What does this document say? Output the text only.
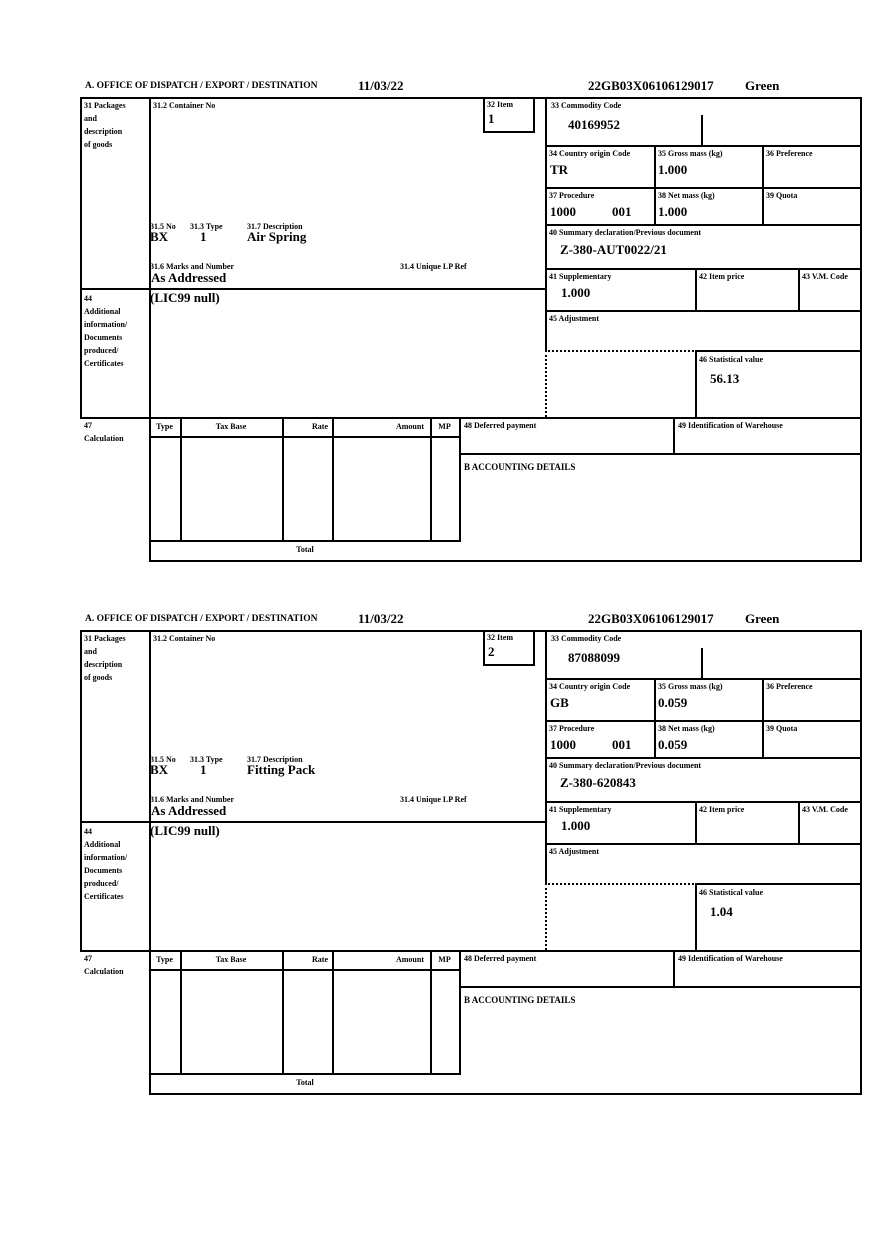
A. OFFICE OF DISPATCH / EXPORT / DESTINATION	11/03/22	22GB03X06106129017 Green
31 Packages
and
description
of goods
44
Additional
information/
Documents
produced/
Certificates
47
Calculation
31.2 Container No	32 Item
1
31.5 No 31.3 Type	31.7 Description
BX 1	Air Spring
31.6 Marks and Number	31.4 Unique LP Ref
As Addressed
(LIC99 null)
33 Commodity Code
40169952
34 Country origin Code	35 Gross mass (kg)	36 Preference
TR	1.000
37 Procedure	38 Net mass (kg)	39 Quota
1000	001 1.000
40 Summary declaration/Previous document
Z-380-AUT0022/21
41 Supplementary	42 Item price	43 V.M. Code
1.000
45 Adjustment
46 Statistical value
56.13
Type	Tax Base	Rate	Amount	MP	48 Deferred payment	49 Identification of Warehouse
B ACCOUNTING DETAILS
Total
A. OFFICE OF DISPATCH / EXPORT / DESTINATION	11/03/22	22GB03X06106129017 Green
31 Packages
and
description
of goods
44
Additional
information/
Documents
produced/
Certificates
47
Calculation
31.2 Container No	32 Item
2
31.5 No 31.3 Type	31.7 Description
BX 1	Fitting Pack
31.6 Marks and Number	31.4 Unique LP Ref
As Addressed
(LIC99 null)
33 Commodity Code
87088099
34 Country origin Code	35 Gross mass (kg)	36 Preference
GB	0.059
37 Procedure	38 Net mass (kg)	39 Quota
1000	001 0.059
40 Summary declaration/Previous document
Z-380-620843
41 Supplementary	42 Item price	43 V.M. Code
1.000
45 Adjustment
46 Statistical value
1.04
Type	Tax Base	Rate	Amount	MP	48 Deferred payment	49 Identification of Warehouse
B ACCOUNTING DETAILS
Total
